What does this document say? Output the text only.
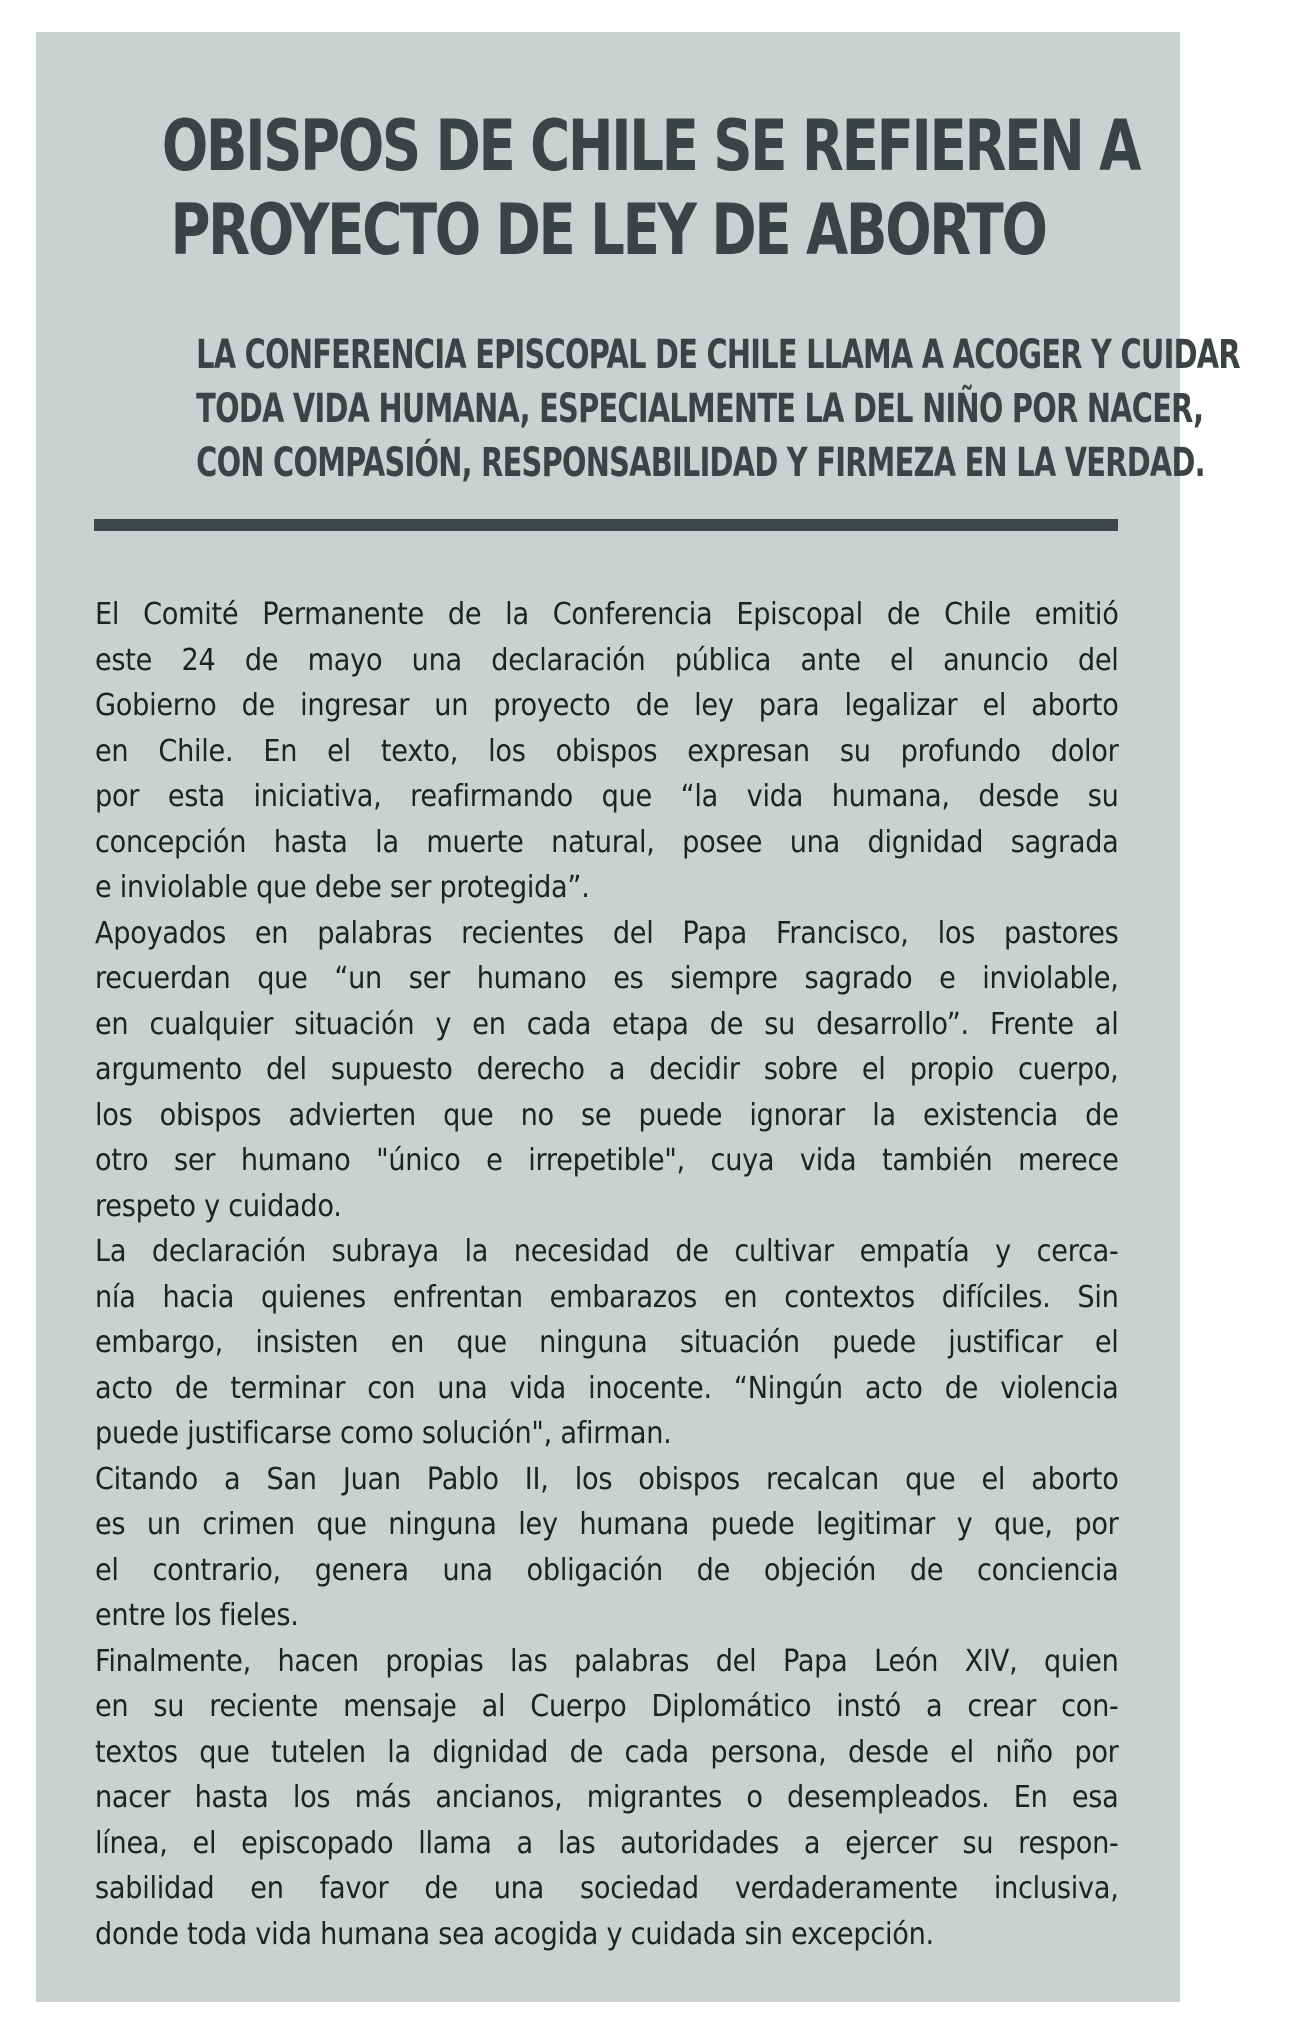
OBISPOS DE CHILE SE REFIEREN A
PROYECTO DE LEY DE ABORTO
LA CONFERENCIA EPISCOPAL DE CHILE LLAMA A ACOGER Y CUIDAR
TODA VIDA HUMANA, ESPECIALMENTE LA DEL NIÑO POR NACER,
CON COMPASIÓN, RESPONSABILIDAD Y FIRMEZA EN LA VERDAD.
El Comité Permanente de la Conferencia Episcopal de Chile emitió
este 24 de mayo una declaración pública ante el anuncio del
Gobierno de ingresar un proyecto de ley para legalizar el aborto
en Chile. En el texto, los obispos expresan su profundo dolor
por esta iniciativa, reafirmando que “la vida humana, desde su
concepción hasta la muerte natural, posee una dignidad sagrada
e inviolable que debe ser protegida”.
Apoyados en palabras recientes del Papa Francisco, los pastores
recuerdan que “un ser humano es siempre sagrado e inviolable,
en cualquier situación y en cada etapa de su desarrollo”. Frente al
argumento del supuesto derecho a decidir sobre el propio cuerpo,
los obispos advierten que no se puede ignorar la existencia de
otro ser humano "único e irrepetible", cuya vida también merece
respeto y cuidado.
La declaración subraya la necesidad de cultivar empatía y cerca-
nía hacia quienes enfrentan embarazos en contextos difíciles. Sin
embargo, insisten en que ninguna situación puede justificar el
acto de terminar con una vida inocente. “Ningún acto de violencia
puede justificarse como solución", afirman.
Citando a San Juan Pablo II, los obispos recalcan que el aborto
es un crimen que ninguna ley humana puede legitimar y que, por
el contrario, genera una obligación de objeción de conciencia
entre los fieles.
Finalmente, hacen propias las palabras del Papa León XIV, quien
en su reciente mensaje al Cuerpo Diplomático instó a crear con-
textos que tutelen la dignidad de cada persona, desde el niño por
nacer hasta los más ancianos, migrantes o desempleados. En esa
línea, el episcopado llama a las autoridades a ejercer su respon-
sabilidad en favor de una sociedad verdaderamente inclusiva,
donde toda vida humana sea acogida y cuidada sin excepción.
